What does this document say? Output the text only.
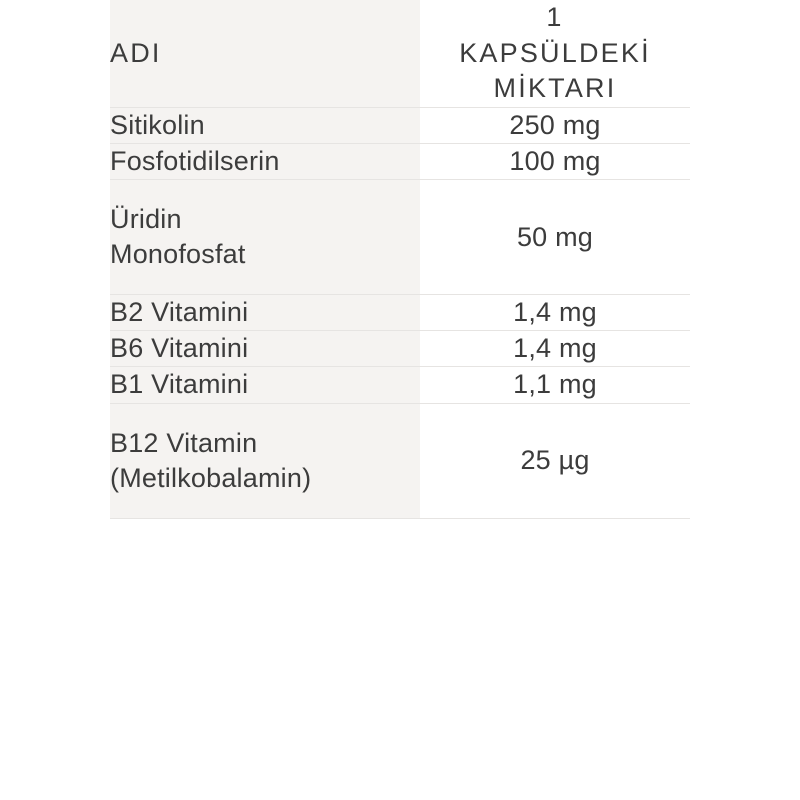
ADI	1
KAPSÜLDEKİ
MİKTARI

Sitikolin	250 mg
Fosfotidilserin	100 mg

Üridin
Monofosfat	50 mg
B2 Vitamini	1,4 mg
B6 Vitamini	1,4 mg
B1 Vitamini	1,1 mg

B12 Vitamin
(Metilkobalamin)	25 µg
